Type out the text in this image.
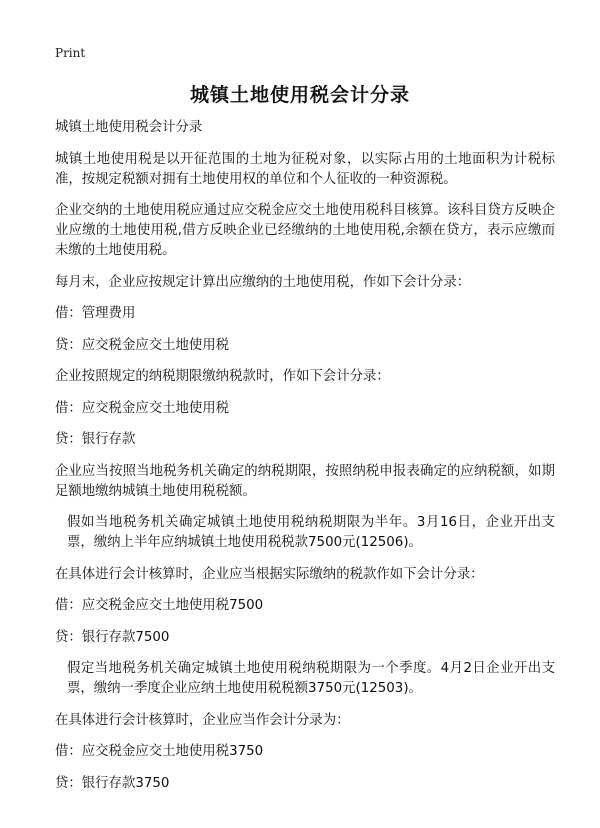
Print
城镇土地使用税会计分录

城镇土地使用税会计分录

城镇土地使用税是以开征范围的土地为征税对象，以实际占用的土地面积为计税标准，按规定税额对拥有土地使用权的单位和个人征收的一种资源税。

企业交纳的土地使用税应通过应交税金应交土地使用税科目核算。该科目贷方反映企业应缴的土地使用税,借方反映企业已经缴纳的土地使用税,余额在贷方，表示应缴而未缴的土地使用税。

每月末，企业应按规定计算出应缴纳的土地使用税，作如下会计分录：

借：管理费用

贷：应交税金应交土地使用税

企业按照规定的纳税期限缴纳税款时，作如下会计分录：

借：应交税金应交土地使用税

贷：银行存款

企业应当按照当地税务机关确定的纳税期限，按照纳税申报表确定的应纳税额，如期足额地缴纳城镇土地使用税税额。

假如当地税务机关确定城镇土地使用税纳税期限为半年。3月16日，企业开出支票，缴纳上半年应纳城镇土地使用税税款7500元(12506)。

在具体进行会计核算时，企业应当根据实际缴纳的税款作如下会计分录：

借：应交税金应交土地使用税7500

贷：银行存款7500

假定当地税务机关确定城镇土地使用税纳税期限为一个季度。4月2日企业开出支票，缴纳一季度企业应纳土地使用税税额3750元(12503)。

在具体进行会计核算时，企业应当作会计分录为：

借：应交税金应交土地使用税3750

贷：银行存款3750
